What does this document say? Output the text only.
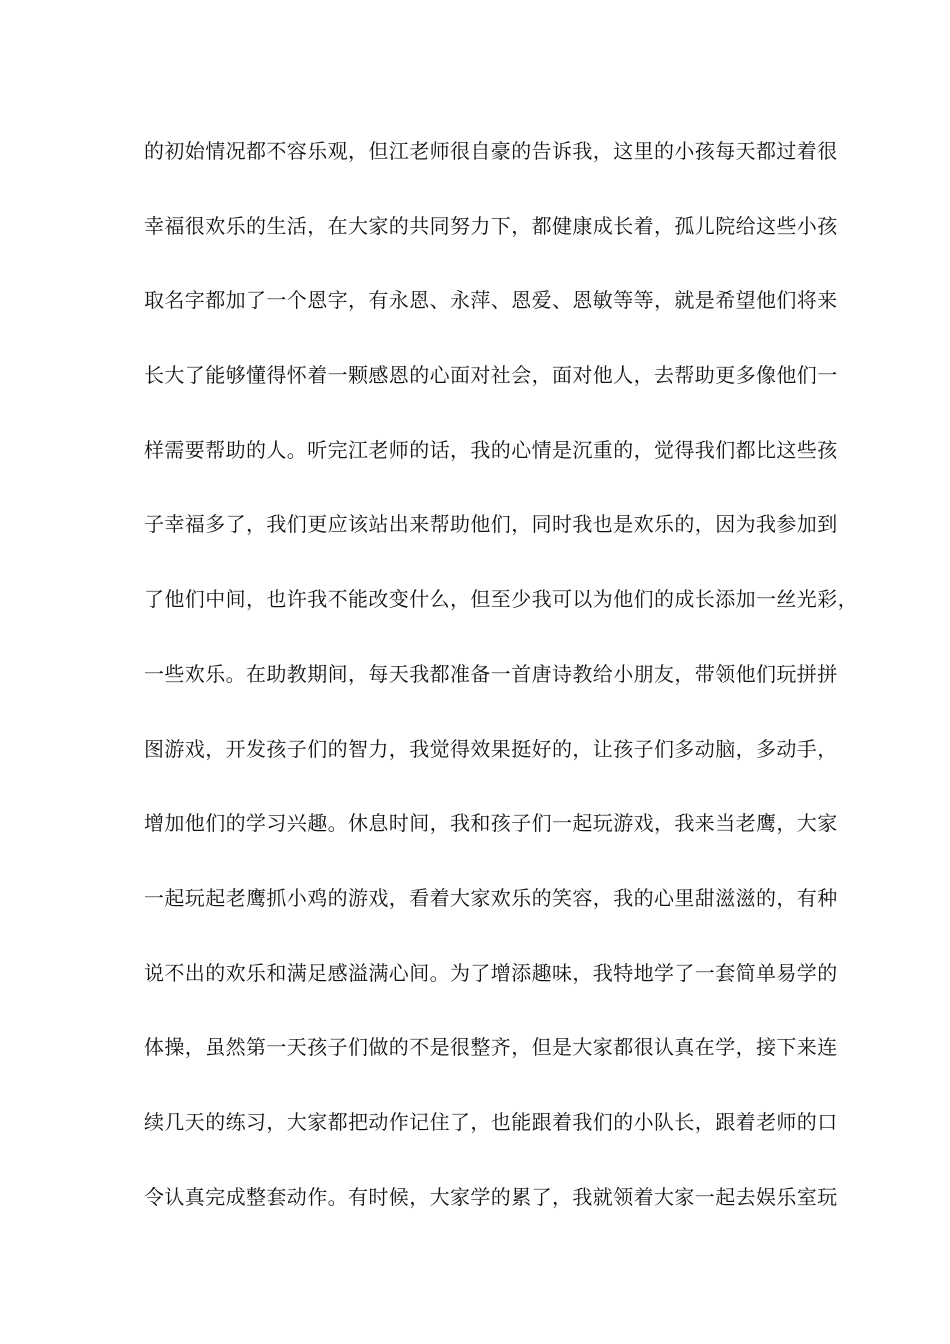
的初始情况都不容乐观，但江老师很自豪的告诉我，这里的小孩每天都过着很
幸福很欢乐的生活，在大家的共同努力下，都健康成长着，孤儿院给这些小孩
取名字都加了一个恩字，有永恩、永萍、恩爱、恩敏等等，就是希望他们将来
长大了能够懂得怀着一颗感恩的心面对社会，面对他人，去帮助更多像他们一
样需要帮助的人。听完江老师的话，我的心情是沉重的，觉得我们都比这些孩
子幸福多了，我们更应该站出来帮助他们，同时我也是欢乐的，因为我参加到
了他们中间，也许我不能改变什么，但至少我可以为他们的成长添加一丝光彩，
一些欢乐。在助教期间，每天我都准备一首唐诗教给小朋友，带领他们玩拼拼
图游戏，开发孩子们的智力，我觉得效果挺好的，让孩子们多动脑，多动手，
增加他们的学习兴趣。休息时间，我和孩子们一起玩游戏，我来当老鹰，大家
一起玩起老鹰抓小鸡的游戏，看着大家欢乐的笑容，我的心里甜滋滋的，有种
说不出的欢乐和满足感溢满心间。为了增添趣味，我特地学了一套简单易学的
体操，虽然第一天孩子们做的不是很整齐，但是大家都很认真在学，接下来连
续几天的练习，大家都把动作记住了，也能跟着我们的小队长，跟着老师的口
令认真完成整套动作。有时候，大家学的累了，我就领着大家一起去娱乐室玩
